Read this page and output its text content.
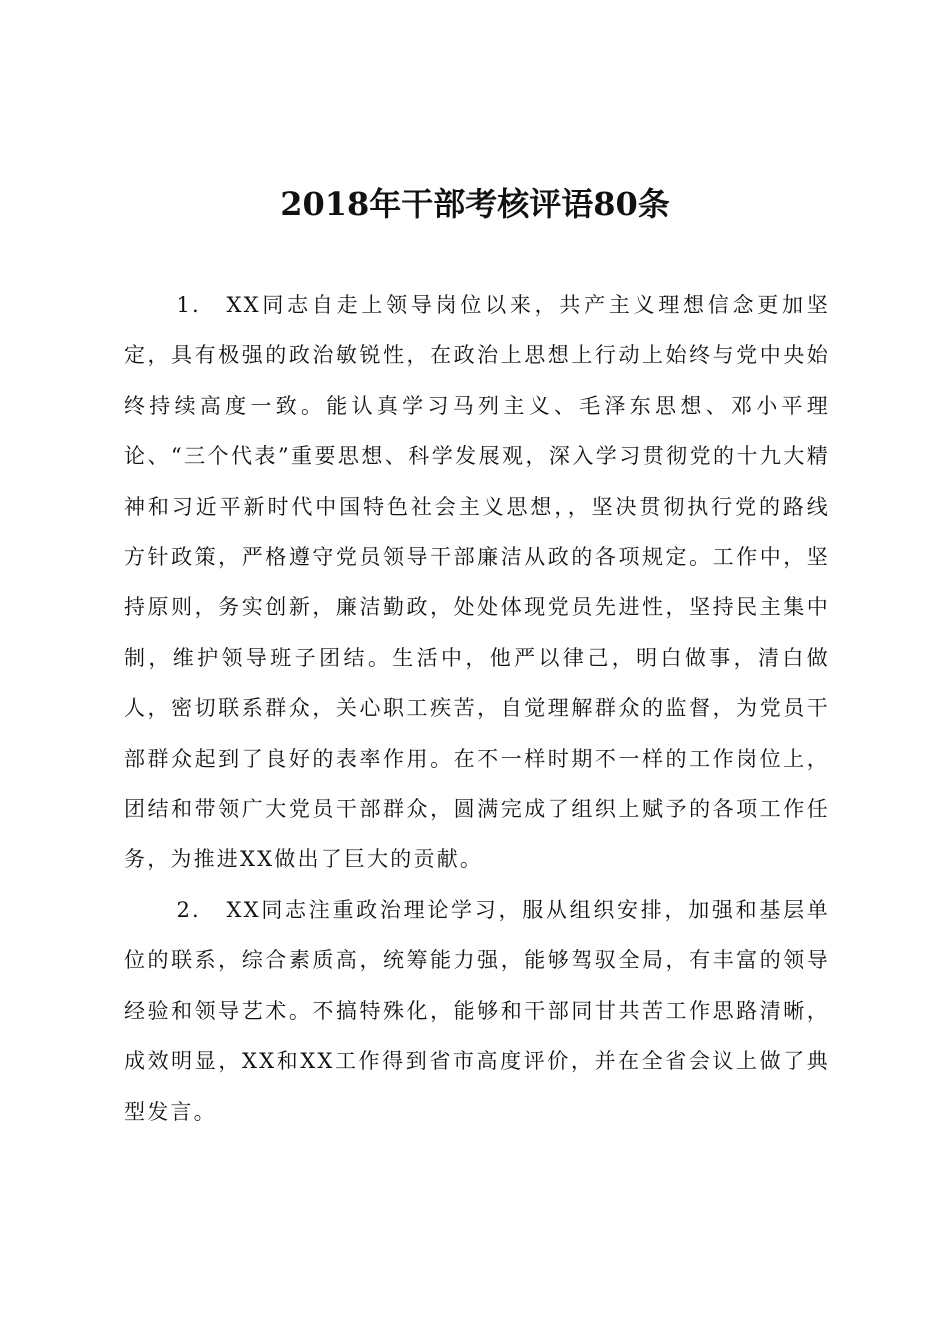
2018年干部考核评语80条

1. XX同志自走上领导岗位以来，共产主义理想信念更加坚定，具有极强的政治敏锐性，在政治上思想上行动上始终与党中央始终持续高度一致。能认真学习马列主义、毛泽东思想、邓小平理论、“三个代表”重要思想、科学发展观，深入学习贯彻党的十九大精神和习近平新时代中国特色社会主义思想，，坚决贯彻执行党的路线方针政策，严格遵守党员领导干部廉洁从政的各项规定。工作中，坚持原则，务实创新，廉洁勤政，处处体现党员先进性，坚持民主集中制，维护领导班子团结。生活中，他严以律己，明白做事，清白做人，密切联系群众，关心职工疾苦，自觉理解群众的监督，为党员干部群众起到了良好的表率作用。在不一样时期不一样的工作岗位上，团结和带领广大党员干部群众，圆满完成了组织上赋予的各项工作任务，为推进XX做出了巨大的贡献。

2. XX同志注重政治理论学习，服从组织安排，加强和基层单位的联系，综合素质高，统筹能力强，能够驾驭全局，有丰富的领导经验和领导艺术。不搞特殊化，能够和干部同甘共苦工作思路清晰，成效明显，XX和XX工作得到省市高度评价，并在全省会议上做了典型发言。
